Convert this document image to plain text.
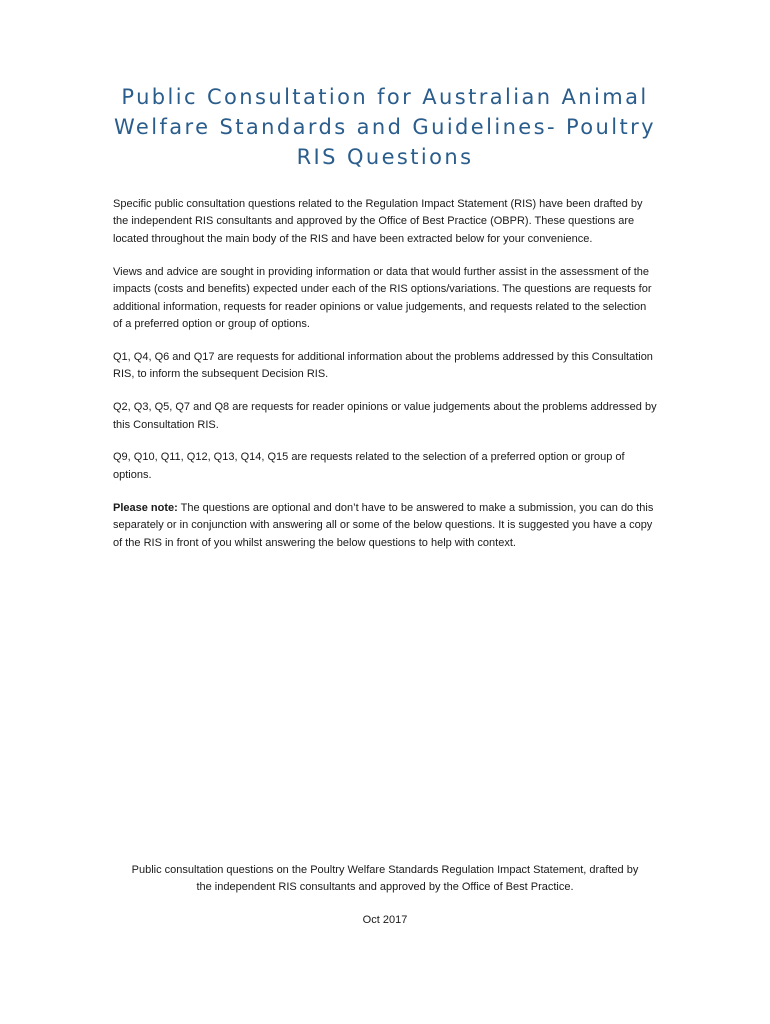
Public Consultation for Australian Animal
Welfare Standards and Guidelines- Poultry
RIS Questions

Specific public consultation questions related to the Regulation Impact Statement (RIS) have been drafted by the independent RIS consultants and approved by the Office of Best Practice (OBPR). These questions are located throughout the main body of the RIS and have been extracted below for your convenience.

Views and advice are sought in providing information or data that would further assist in the assessment of the impacts (costs and benefits) expected under each of the RIS options/variations. The questions are requests for additional information, requests for reader opinions or value judgements, and requests related to the selection of a preferred option or group of options.

Q1, Q4, Q6 and Q17 are requests for additional information about the problems addressed by this Consultation RIS, to inform the subsequent Decision RIS.

Q2, Q3, Q5, Q7 and Q8 are requests for reader opinions or value judgements about the problems addressed by this Consultation RIS.

Q9, Q10, Q11, Q12, Q13, Q14, Q15 are requests related to the selection of a preferred option or group of options.

Please note: The questions are optional and don’t have to be answered to make a submission, you can do this separately or in conjunction with answering all or some of the below questions. It is suggested you have a copy of the RIS in front of you whilst answering the below questions to help with context.

Public consultation questions on the Poultry Welfare Standards Regulation Impact Statement, drafted by

the independent RIS consultants and approved by the Office of Best Practice.

Oct 2017
